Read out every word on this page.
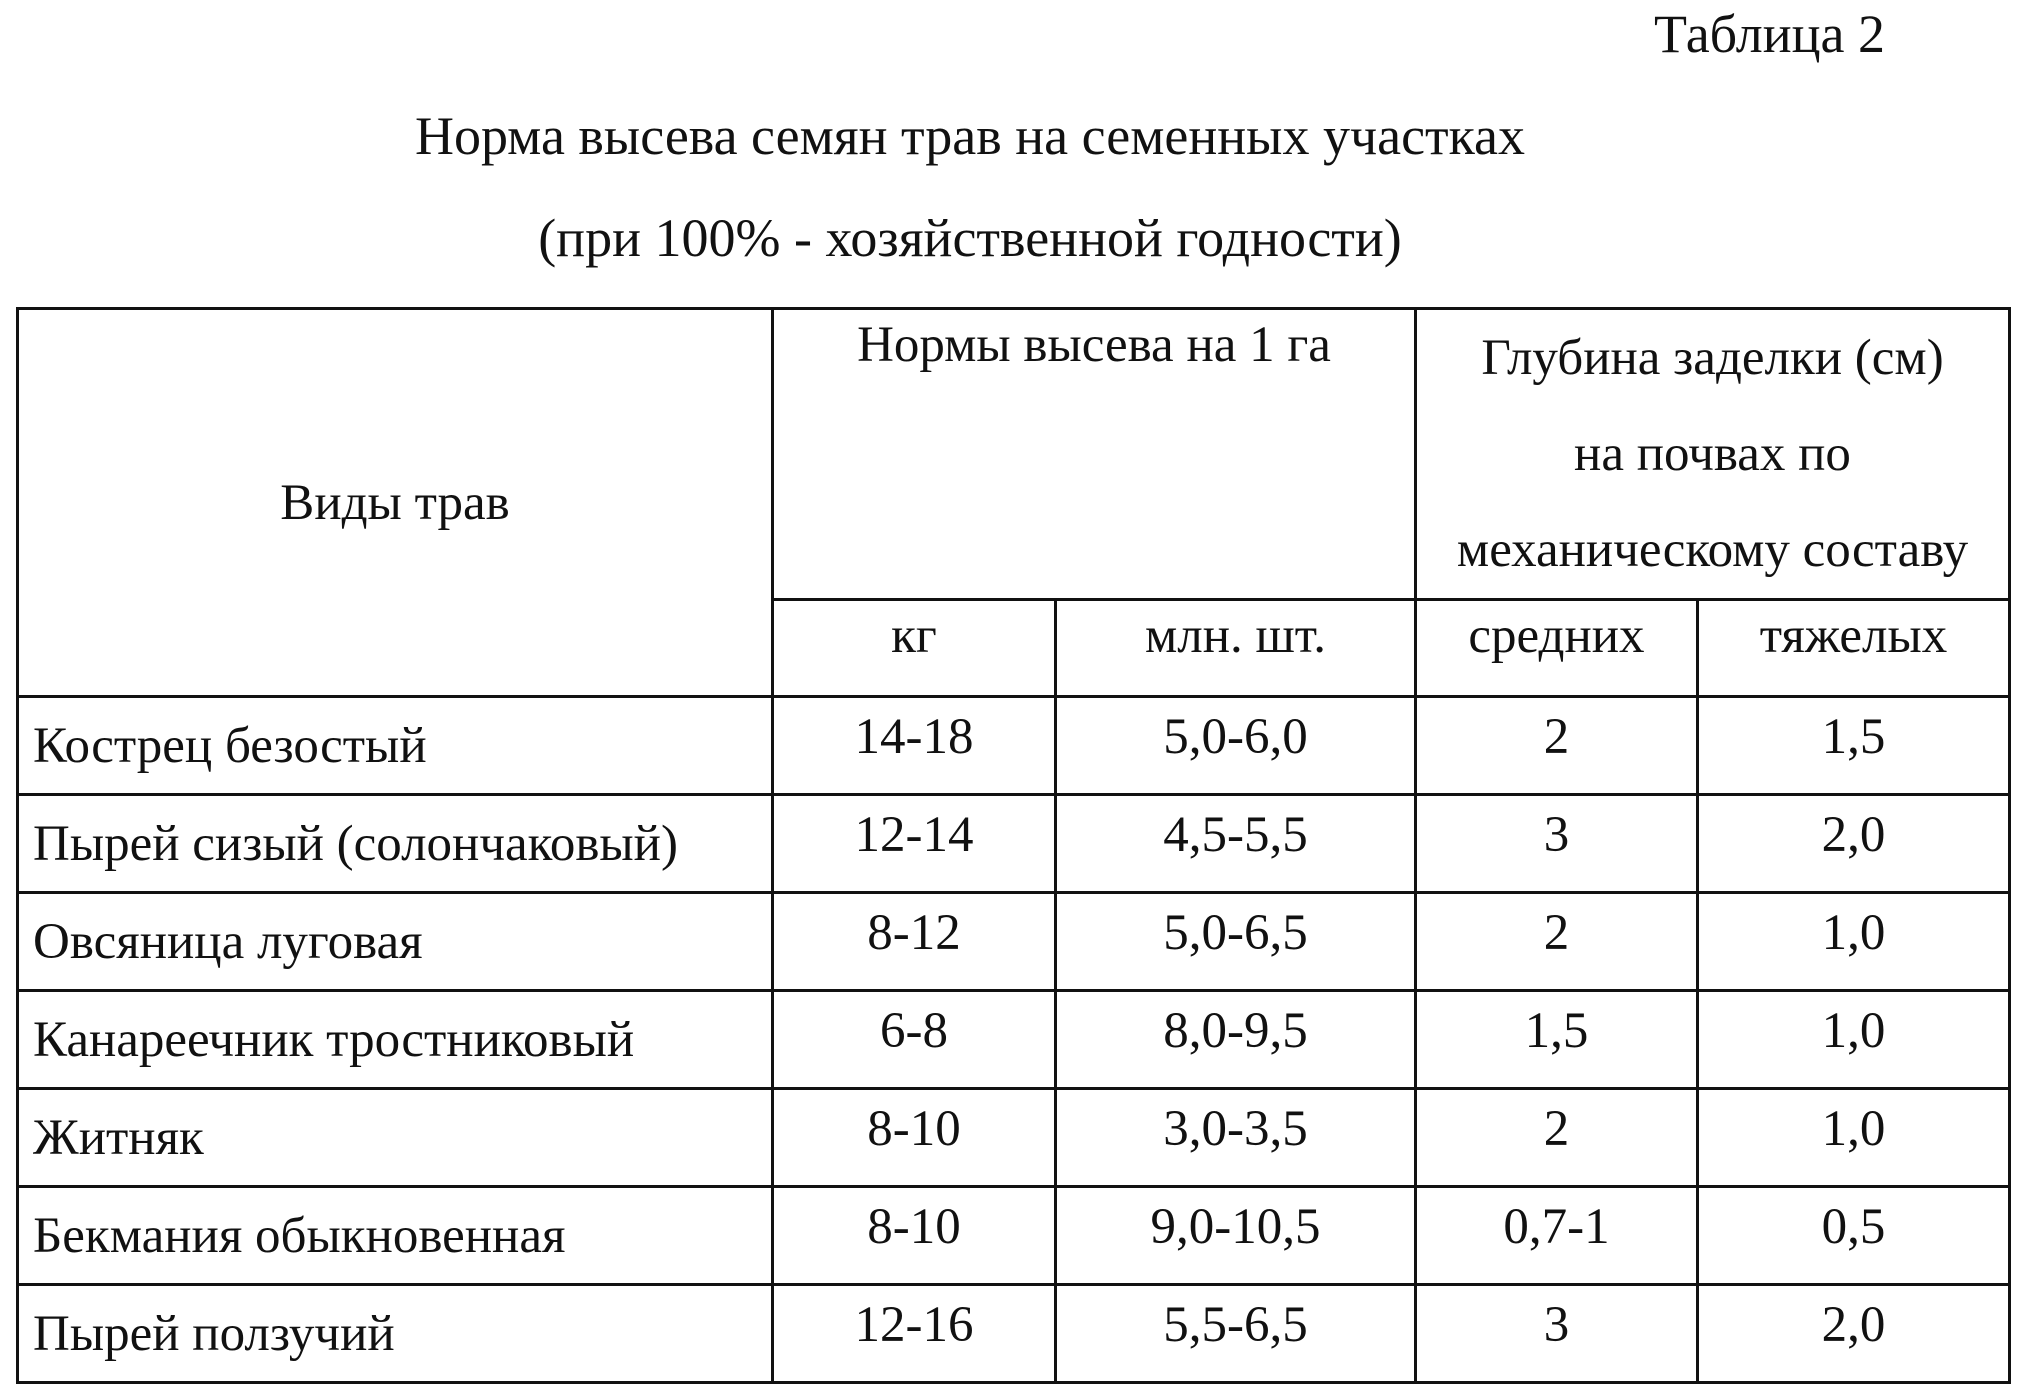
Таблица 2
Норма высева семян трав на семенных участках
(при 100% - хозяйственной годности)
Виды трав	Нормы высева на 1 га		Глубина заделки (см)
на почвах по
механическому составу	

	кг	млн. шт.	средних	тяжелых
Кострец безостый	14-18	5,0-6,0	2	1,5
Пырей сизый (солончаковый)	12-14	4,5-5,5	3	2,0
Овсяница луговая	8-12	5,0-6,5	2	1,0
Канареечник тростниковый	6-8	8,0-9,5	1,5	1,0
Житняк	8-10	3,0-3,5	2	1,0
Бекмания обыкновенная	8-10	9,0-10,5	0,7-1	0,5
Пырей ползучий	12-16	5,5-6,5	3	2,0
